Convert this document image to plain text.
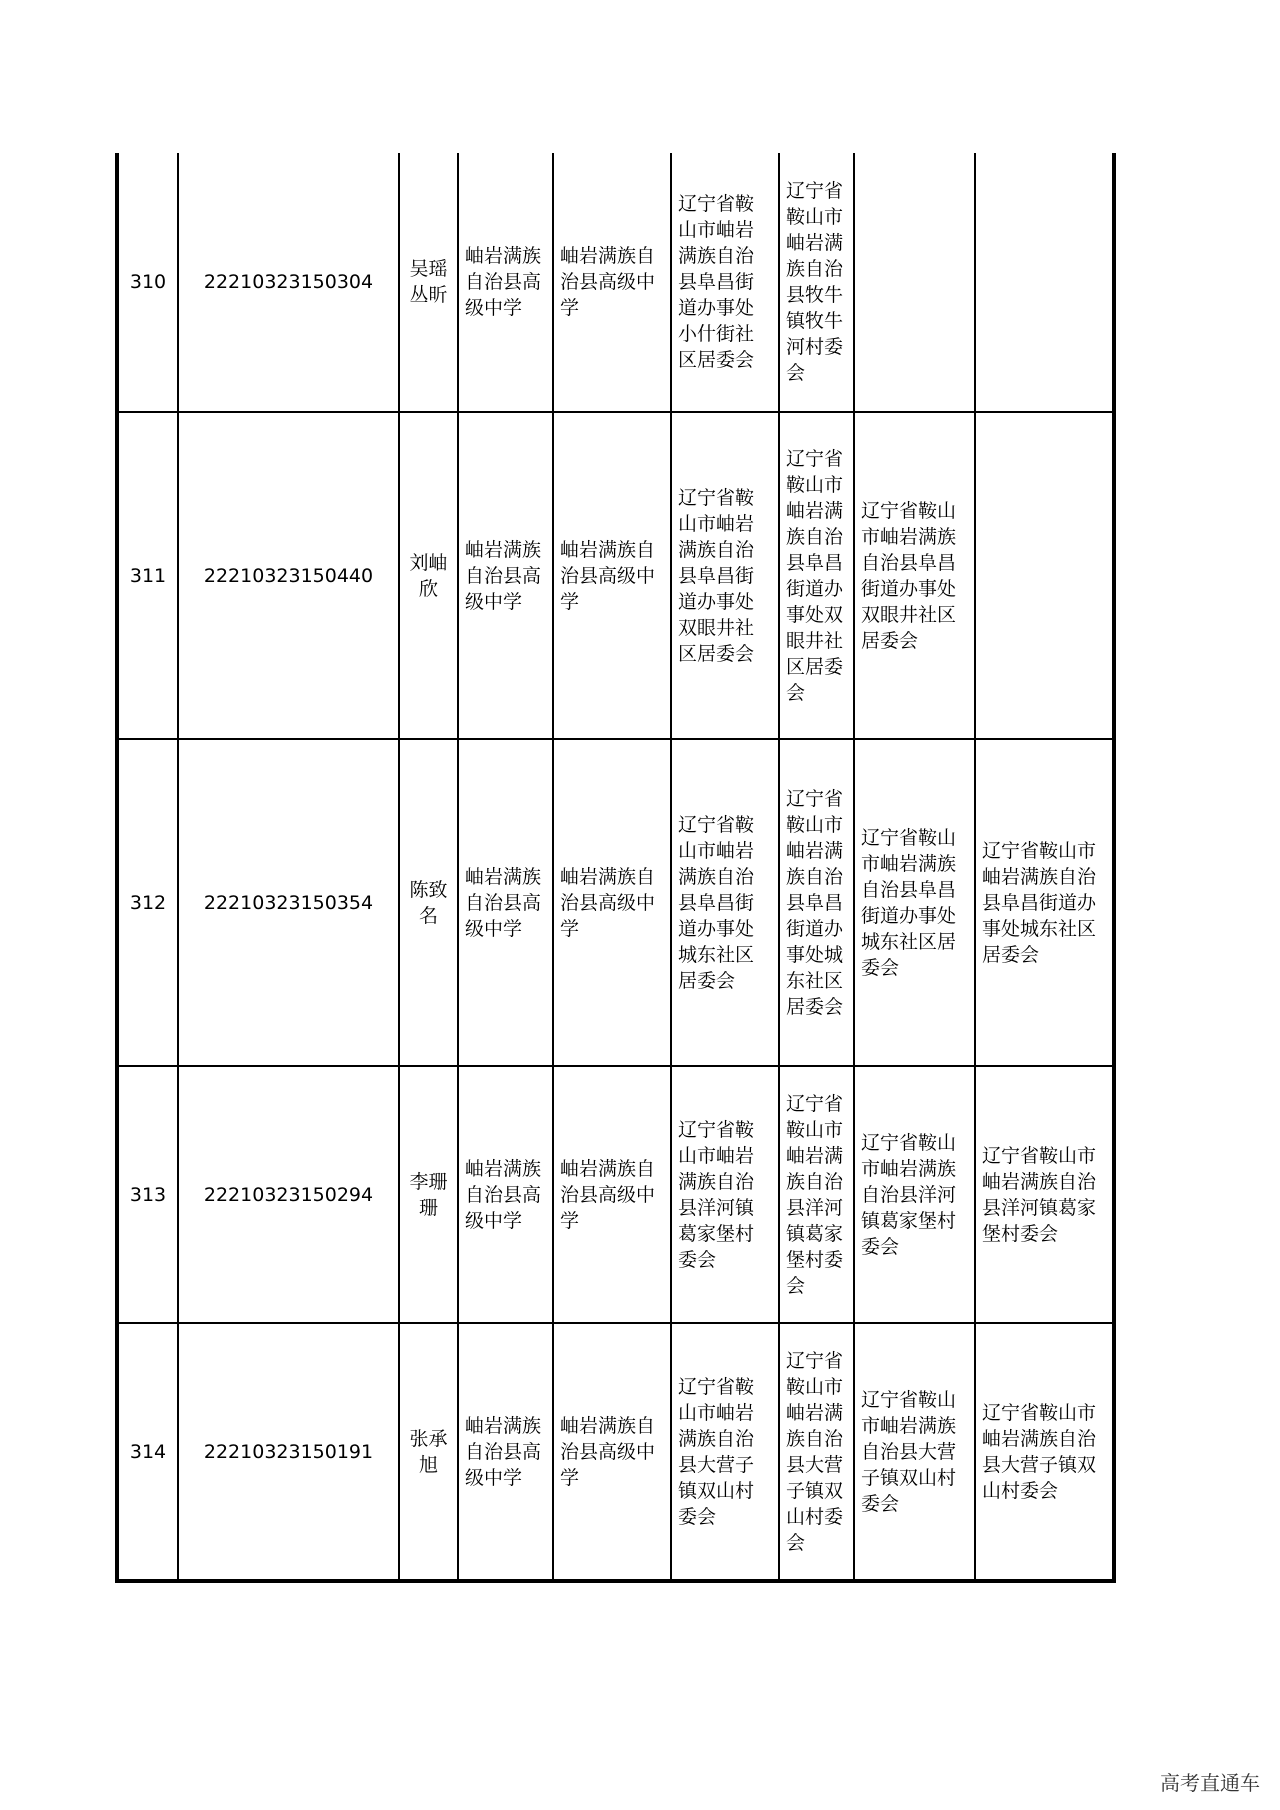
310	22210323150304	吴瑶丛昕	岫岩满族自治县高级中学	岫岩满族自治县高级中学	辽宁省鞍山市岫岩满族自治县阜昌街道办事处小什街社区居委会	辽宁省鞍山市岫岩满族自治县牧牛镇牧牛河村委会		
311	22210323150440	刘岫欣	岫岩满族自治县高级中学	岫岩满族自治县高级中学	辽宁省鞍山市岫岩满族自治县阜昌街道办事处双眼井社区居委会	辽宁省鞍山市岫岩满族自治县阜昌街道办事处双眼井社区居委会	辽宁省鞍山市岫岩满族自治县阜昌街道办事处双眼井社区居委会	
312	22210323150354	陈致名	岫岩满族自治县高级中学	岫岩满族自治县高级中学	辽宁省鞍山市岫岩满族自治县阜昌街道办事处城东社区居委会	辽宁省鞍山市岫岩满族自治县阜昌街道办事处城东社区居委会	辽宁省鞍山市岫岩满族自治县阜昌街道办事处城东社区居委会	辽宁省鞍山市岫岩满族自治县阜昌街道办事处城东社区居委会
313	22210323150294	李珊珊	岫岩满族自治县高级中学	岫岩满族自治县高级中学	辽宁省鞍山市岫岩满族自治县洋河镇葛家堡村委会	辽宁省鞍山市岫岩满族自治县洋河镇葛家堡村委会	辽宁省鞍山市岫岩满族自治县洋河镇葛家堡村委会	辽宁省鞍山市岫岩满族自治县洋河镇葛家堡村委会
314	22210323150191	张承旭	岫岩满族自治县高级中学	岫岩满族自治县高级中学	辽宁省鞍山市岫岩满族自治县大营子镇双山村委会	辽宁省鞍山市岫岩满族自治县大营子镇双山村委会	辽宁省鞍山市岫岩满族自治县大营子镇双山村委会	辽宁省鞍山市岫岩满族自治县大营子镇双山村委会
高考直通车
